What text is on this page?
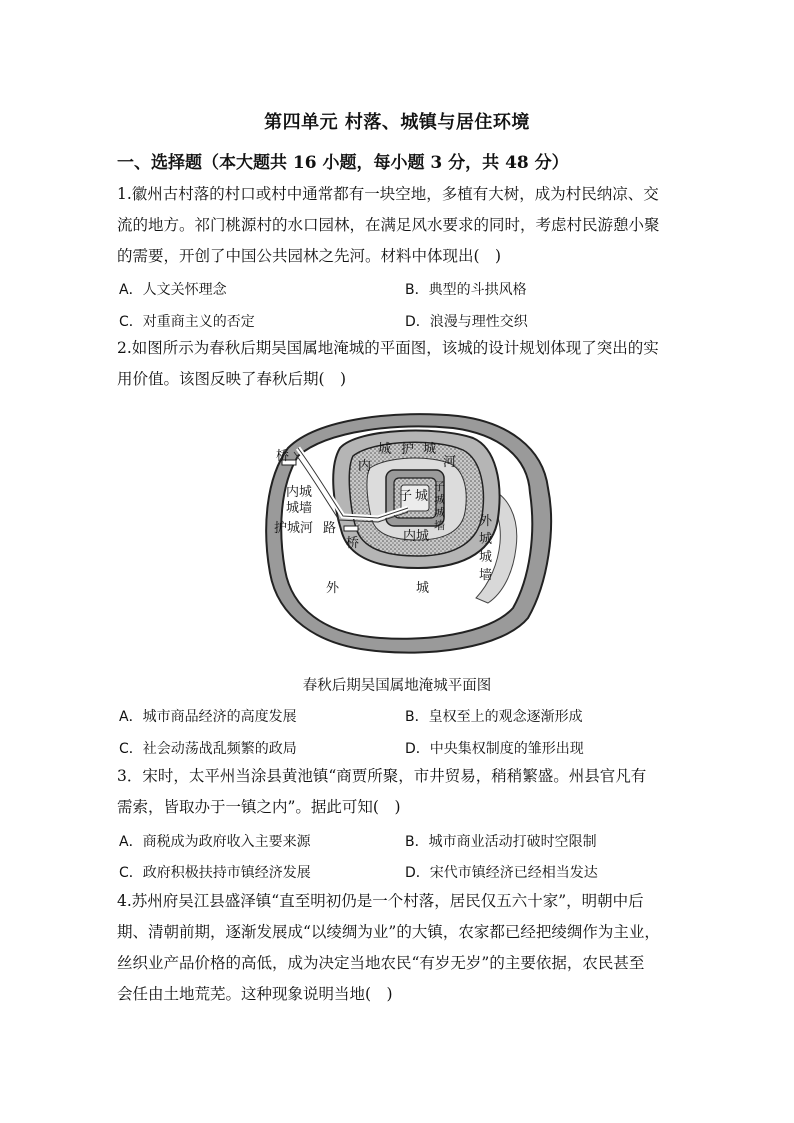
第四单元 村落、城镇与居住环境
一、选择题（本大题共 16 小题，每小题 3 分，共 48 分）
1.徽州古村落的村口或村中通常都有一块空地，多植有大树，成为村民纳凉、交
流的地方。祁门桃源村的水口园林，在满足风水要求的同时，考虑村民游憩小聚
的需要，开创了中国公共园林之先河。材料中体现出(　)
A．人文关怀理念	B．典型的斗拱风格
C．对重商主义的否定	D．浪漫与理性交织
2.如图所示为春秋后期吴国属地淹城的平面图，该城的设计规划体现了突出的实
用价值。该图反映了春秋后期(　)
桥
内城
城墙
护城河 路
桥
城 护 城
河
内
子 城
子
城
城
墙
内城
外
城
城
墙
外	城
春秋后期吴国属地淹城平面图
A．城市商品经济的高度发展	B．皇权至上的观念逐渐形成
C．社会动荡战乱频繁的政局	D．中央集权制度的雏形出现
3．宋时，太平州当涂县黄池镇“商贾所聚，市井贸易，稍稍繁盛。州县官凡有
需索，皆取办于一镇之内”。据此可知(　)
A．商税成为政府收入主要来源	B．城市商业活动打破时空限制
C．政府积极扶持市镇经济发展	D．宋代市镇经济已经相当发达
4.苏州府吴江县盛泽镇“直至明初仍是一个村落，居民仅五六十家”，明朝中后
期、清朝前期，逐渐发展成“以绫绸为业”的大镇，农家都已经把绫绸作为主业，
丝织业产品价格的高低，成为决定当地农民“有岁无岁”的主要依据，农民甚至
会任由土地荒芜。这种现象说明当地(　)
